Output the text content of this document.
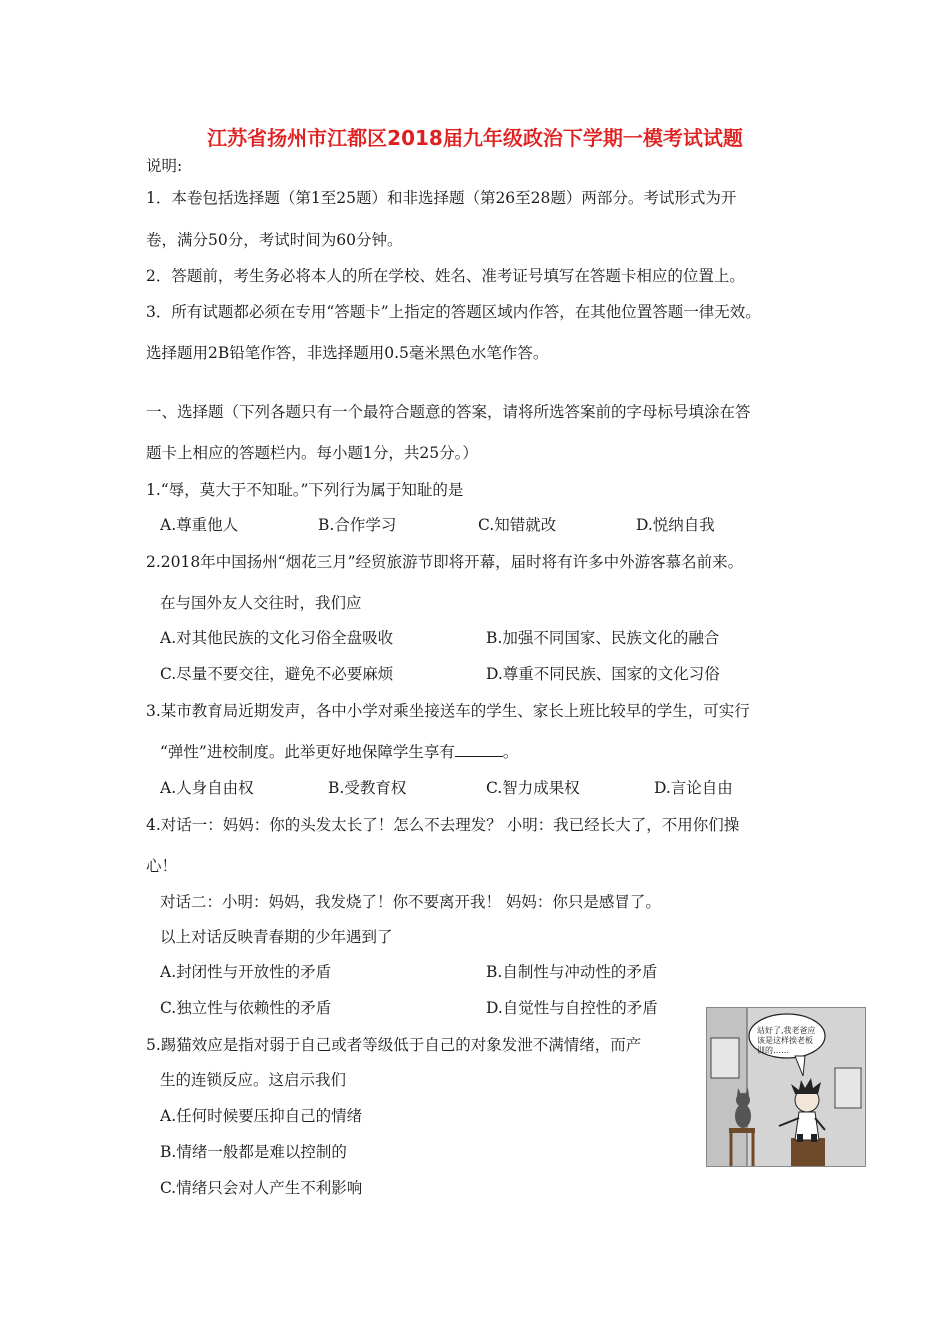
江苏省扬州市江都区2018届九年级政治下学期一模考试试题
说明:
1．本卷包括选择题（第1至25题）和非选择题（第26至28题）两部分。考试形式为开
卷，满分50分，考试时间为60分钟。
2．答题前，考生务必将本人的所在学校、姓名、准考证号填写在答题卡相应的位置上。
3．所有试题都必须在专用“答题卡”上指定的答题区域内作答，在其他位置答题一律无效。
选择题用2B铅笔作答，非选择题用0.5毫米黑色水笔作答。
一、选择题（下列各题只有一个最符合题意的答案，请将所选答案前的字母标号填涂在答
题卡上相应的答题栏内。每小题1分，共25分。）
1.“辱，莫大于不知耻。”下列行为属于知耻的是
A.尊重他人	B.合作学习	C.知错就改	D.悦纳自我
2.2018年中国扬州“烟花三月”经贸旅游节即将开幕，届时将有许多中外游客慕名前来。
在与国外友人交往时，我们应
A.对其他民族的文化习俗全盘吸收	B.加强不同国家、民族文化的融合
C.尽量不要交往，避免不必要麻烦	D.尊重不同民族、国家的文化习俗
3.某市教育局近期发声，各中小学对乘坐接送车的学生、家长上班比较早的学生，可实行
“弹性”进校制度。此举更好地保障学生享有	。
A.人身自由权	B.受教育权	C.智力成果权	D.言论自由
4.对话一：妈妈：你的头发太长了！怎么不去理发？ 小明：我已经长大了，不用你们操
心！
对话二：小明：妈妈，我发烧了！你不要离开我！ 妈妈：你只是感冒了。
以上对话反映青春期的少年遇到了
A.封闭性与开放性的矛盾	B.自制性与冲动性的矛盾
C.独立性与依赖性的矛盾	D.自觉性与自控性的矛盾
5.踢猫效应是指对弱于自己或者等级低于自己的对象发泄不满情绪，而产
生的连锁反应。这启示我们
A.任何时候要压抑自己的情绪
B.情绪一般都是难以控制的
C.情绪只会对人产生不利影响
站好了,我老爸应该是这样挨老板训的……
